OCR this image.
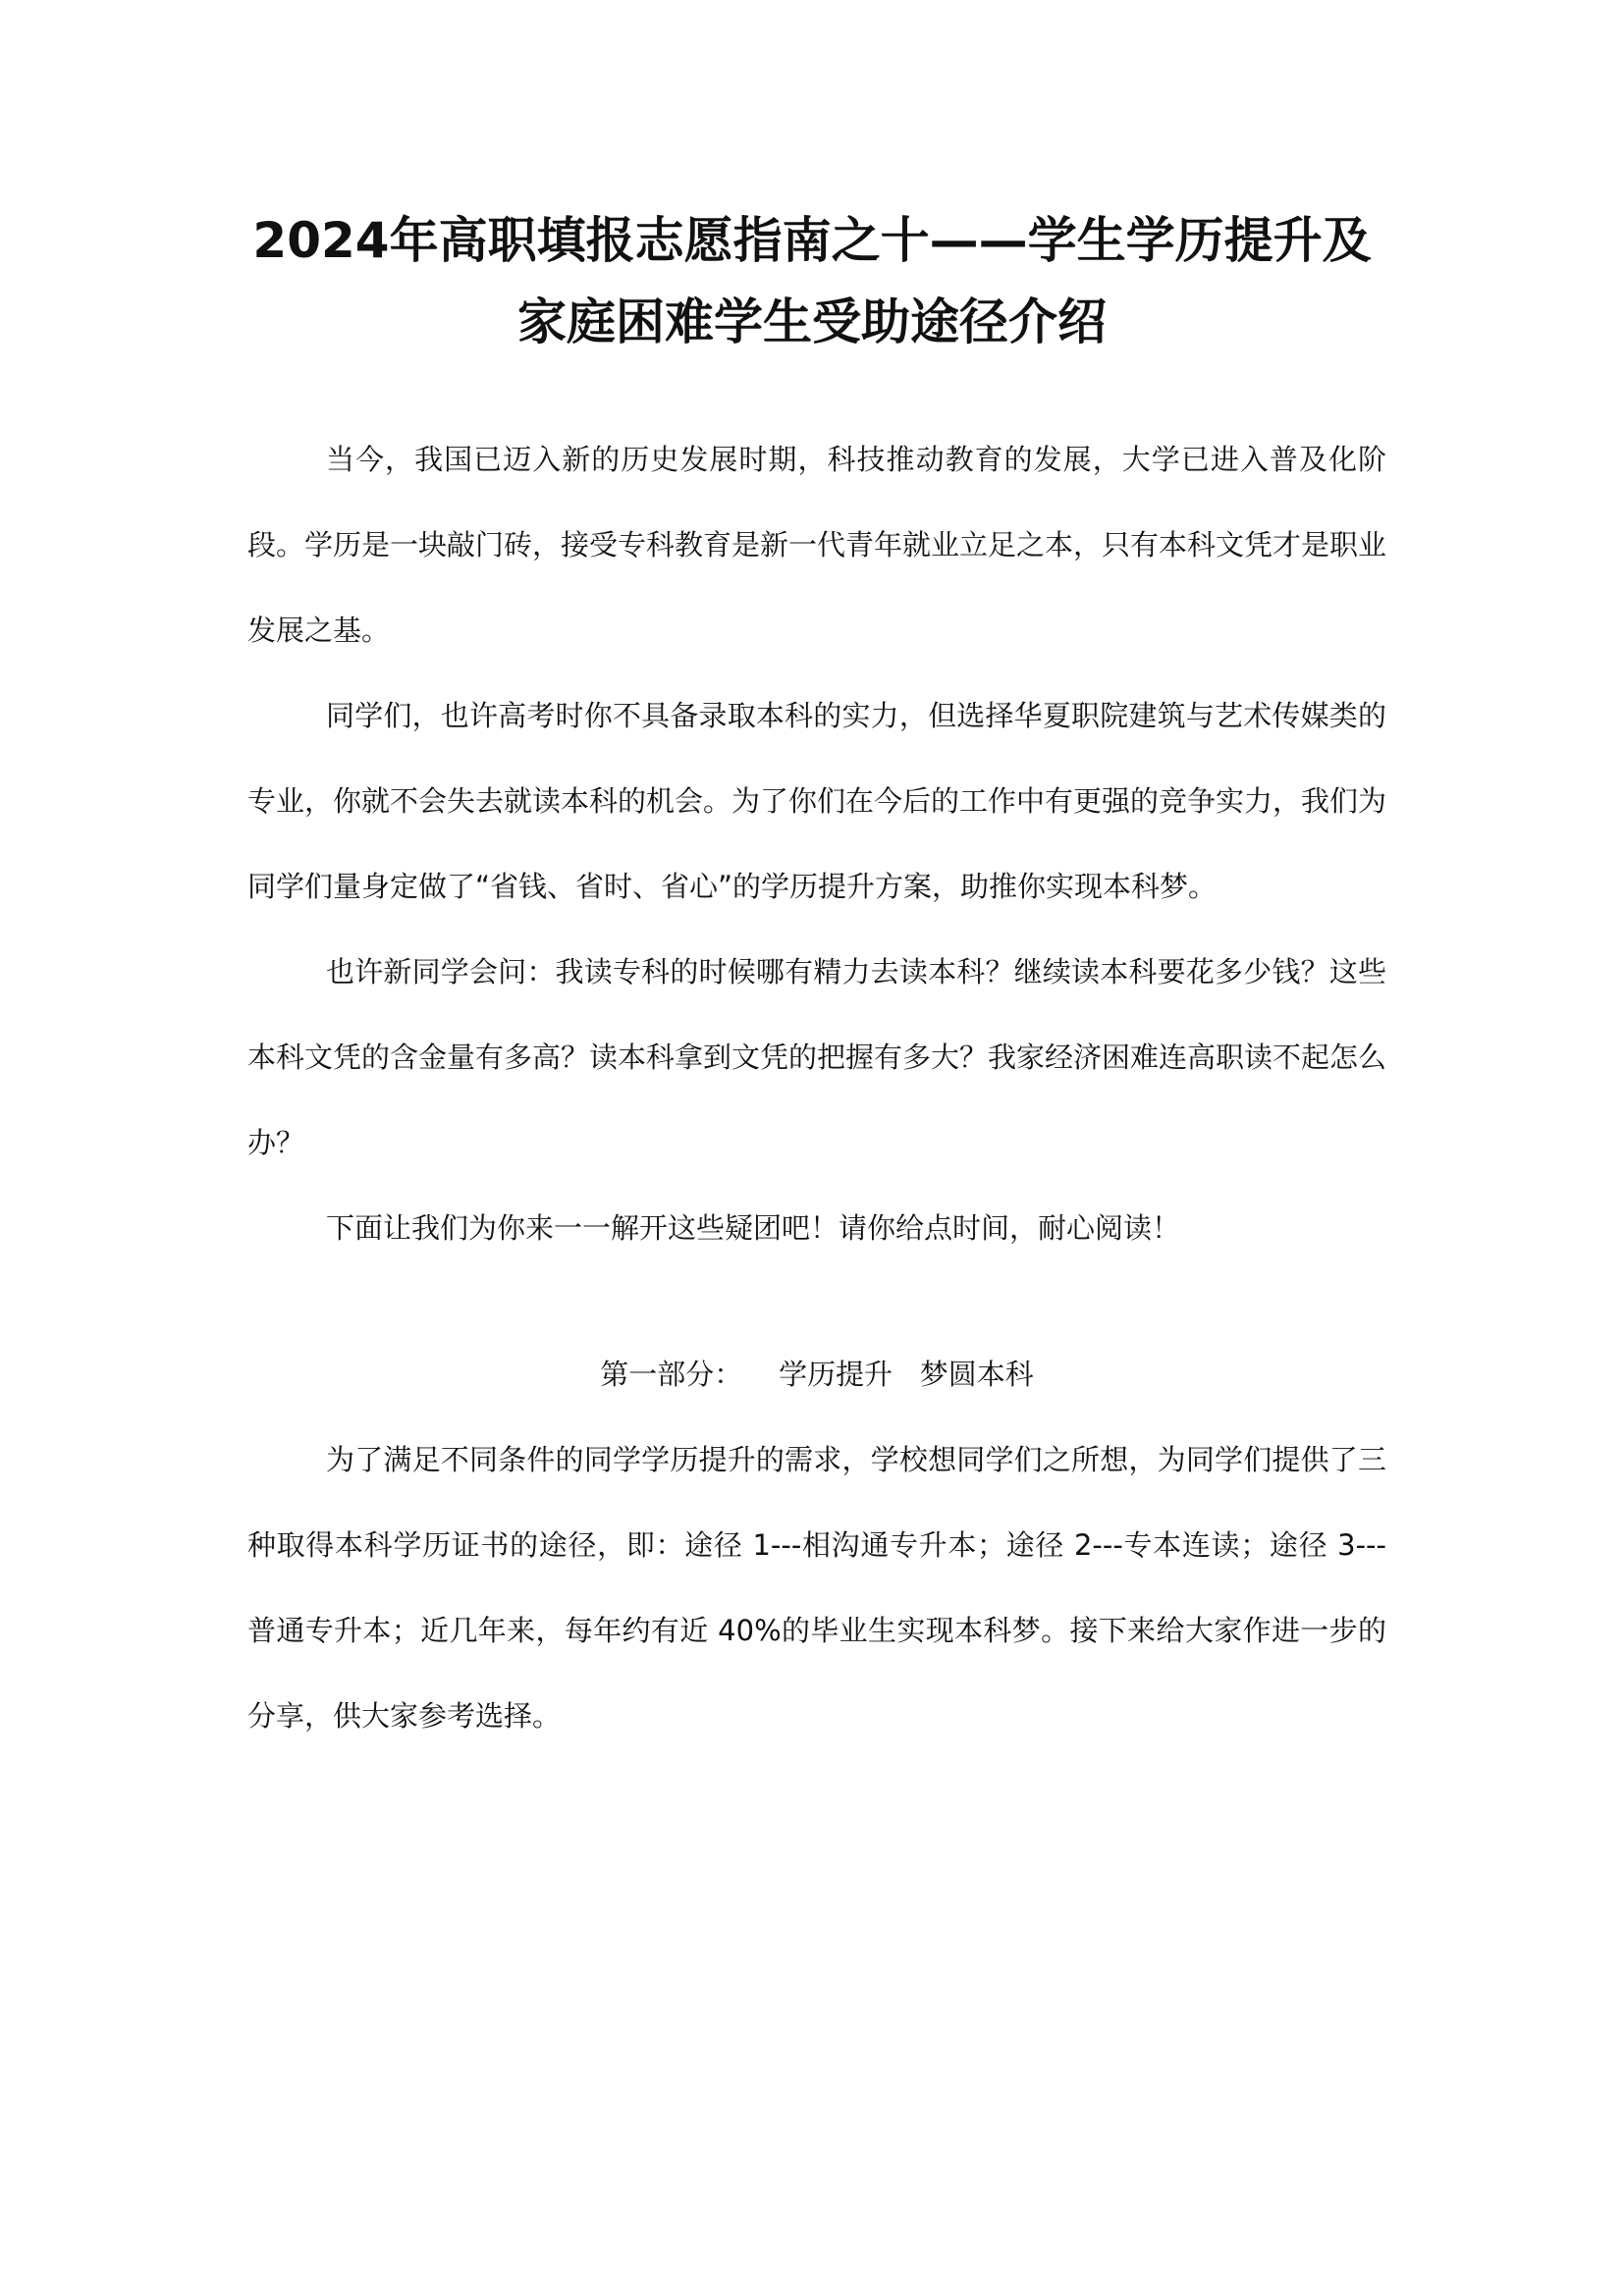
2024年高职填报志愿指南之十——学生学历提升及
家庭困难学生受助途径介绍

当今，我国已迈入新的历史发展时期，科技推动教育的发展，大学已进入普及化阶段。学历是一块敲门砖，接受专科教育是新一代青年就业立足之本，只有本科文凭才是职业发展之基。

同学们，也许高考时你不具备录取本科的实力，但选择华夏职院建筑与艺术传媒类的专业，你就不会失去就读本科的机会。为了你们在今后的工作中有更强的竞争实力，我们为同学们量身定做了“省钱、省时、省心”的学历提升方案，助推你实现本科梦。

也许新同学会问：我读专科的时候哪有精力去读本科？继续读本科要花多少钱？这些本科文凭的含金量有多高？读本科拿到文凭的把握有多大？我家经济困难连高职读不起怎么办？

下面让我们为你来一一解开这些疑团吧！请你给点时间，耐心阅读！

第一部分：    学历提升   梦圆本科

为了满足不同条件的同学学历提升的需求，学校想同学们之所想，为同学们提供了三种取得本科学历证书的途径，即：途径 1---相沟通专升本；途径 2---专本连读；途径 3---普通专升本；近几年来，每年约有近 40%的毕业生实现本科梦。接下来给大家作进一步的分享，供大家参考选择。
